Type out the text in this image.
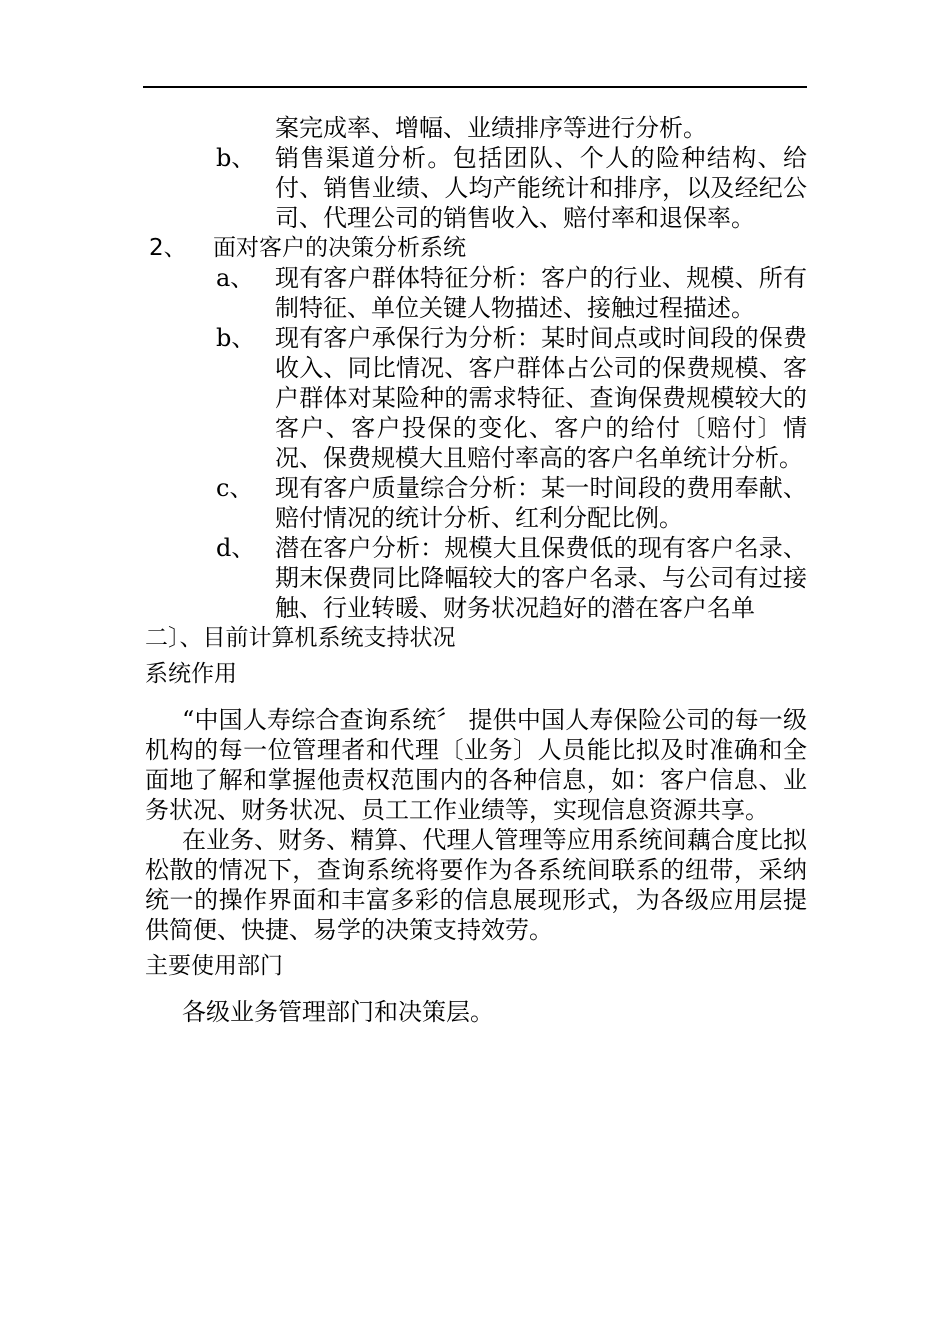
案完成率、增幅、业绩排序等进行分析。
b、 销售渠道分析。包括团队、个人的险种结构、给付、销售业绩、人均产能统计和排序，以及经纪公司、代理公司的销售收入、赔付率和退保率。
2、	面对客户的决策分析系统
a、 现有客户群体特征分析：客户的行业、规模、所有制特征、单位关键人物描述、接触过程描述。
b、 现有客户承保行为分析：某时间点或时间段的保费收入、同比情况、客户群体占公司的保费规模、客户群体对某险种的需求特征、查询保费规模较大的客户、客户投保的变化、客户的给付〔赔付〕情况、保费规模大且赔付率高的客户名单统计分析。
c、 现有客户质量综合分析：某一时间段的费用奉献、赔付情况的统计分析、红利分配比例。
d、 潜在客户分析：规模大且保费低的现有客户名录、期末保费同比降幅较大的客户名录、与公司有过接触、行业转暖、财务状况趋好的潜在客户名单

二〕、目前计算机系统支持状况

系统作用

“中国人寿综合查询系统〞 提供中国人寿保险公司的每一级机构的每一位管理者和代理〔业务〕人员能比拟及时准确和全面地了解和掌握他责权范围内的各种信息，如：客户信息、业务状况、财务状况、员工工作业绩等，实现信息资源共享。

在业务、财务、精算、代理人管理等应用系统间藕合度比拟松散的情况下，查询系统将要作为各系统间联系的纽带，采纳统一的操作界面和丰富多彩的信息展现形式，为各级应用层提供简便、快捷、易学的决策支持效劳。

主要使用部门

各级业务管理部门和决策层。
